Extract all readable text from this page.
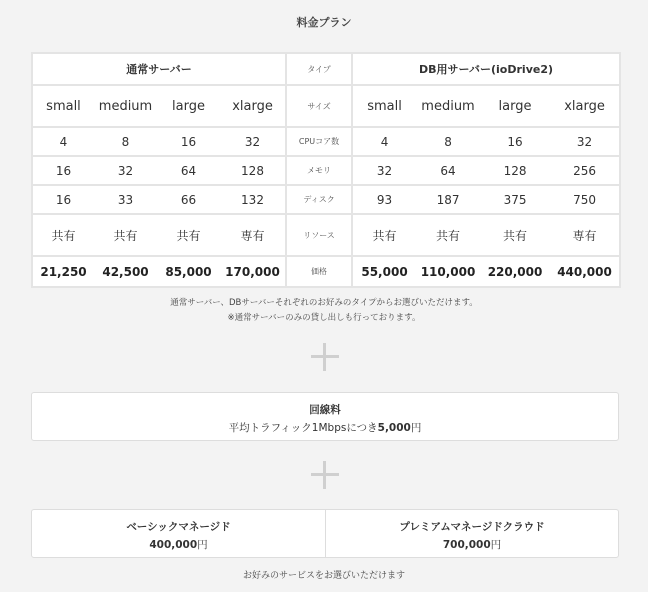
料金プラン
通常サーバー				タイプ	DB用サーバー(ioDrive2)			
small	medium	large	xlarge	サイズ	small	medium	large	xlarge
4	8	16	32	CPUコア数	4	8	16	32
16	32	64	128	メモリ	32	64	128	256
16	33	66	132	ディスク	93	187	375	750
共有	共有	共有	専有	リソース	共有	共有	共有	専有
21,250	42,500	85,000	170,000	価格	55,000	110,000	220,000	440,000
通常サーバー、DBサーバーそれぞれのお好みのタイプからお選びいただけます。
※通常サーバーのみの貸し出しも行っております。
回線料
平均トラフィック1Mbpsにつき5,000円
ベーシックマネージド
400,000円
プレミアムマネージドクラウド
700,000円
お好みのサービスをお選びいただけます
